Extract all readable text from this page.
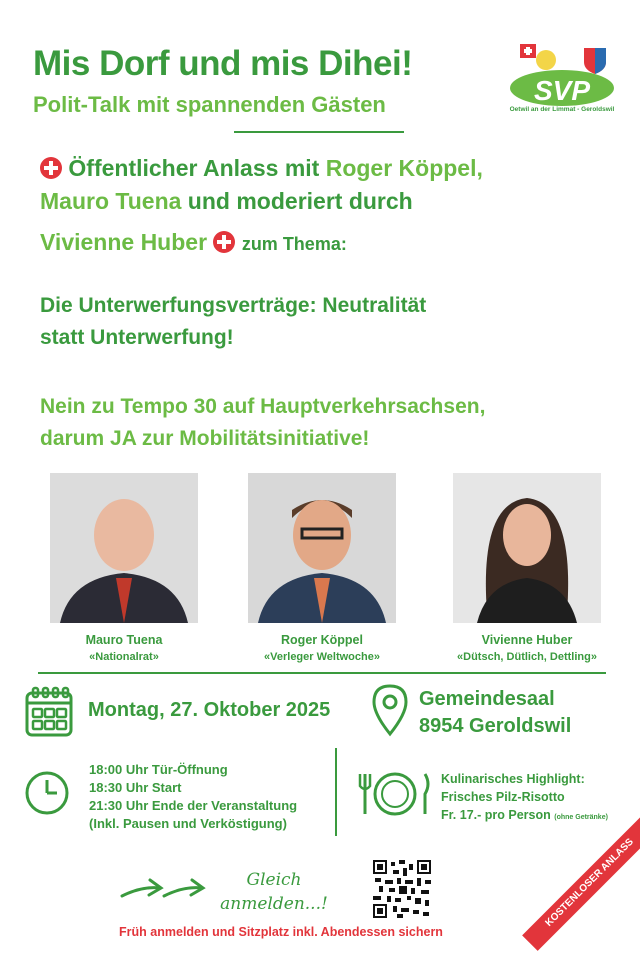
Mis Dorf und mis Dihei!
Polit-Talk mit spannenden Gästen	SVP
Oetwil an der Limmat - Geroldswil
Öffentlicher Anlass mit Roger Köppel,
Mauro Tuena und moderiert durch
Vivienne Huber  zum Thema:
Die Unterwerfungsverträge: Neutralität
statt Unterwerfung!
Nein zu Tempo 30 auf Hauptverkehrsachsen,
darum JA zur Mobilitätsinitiative!
Mauro Tuena
«Nationalrat»
Roger Köppel
«Verleger Weltwoche»
Vivienne Huber
«Dütsch, Dütlich, Dettling»
Montag, 27. Oktober 2025	Gemeindesaal
8954 Geroldswil
18:00 Uhr Tür-Öffnung
18:30 Uhr Start
21:30 Uhr Ende der Veranstaltung
(Inkl. Pausen und Verköstigung)
Kulinarisches Highlight:
Frisches Pilz-Risotto
Fr. 17.- pro Person (ohne Getränke)
Gleich
anmelden...!
Früh anmelden und Sitzplatz inkl. Abendessen sichern
KOSTENLOSER ANLASS
